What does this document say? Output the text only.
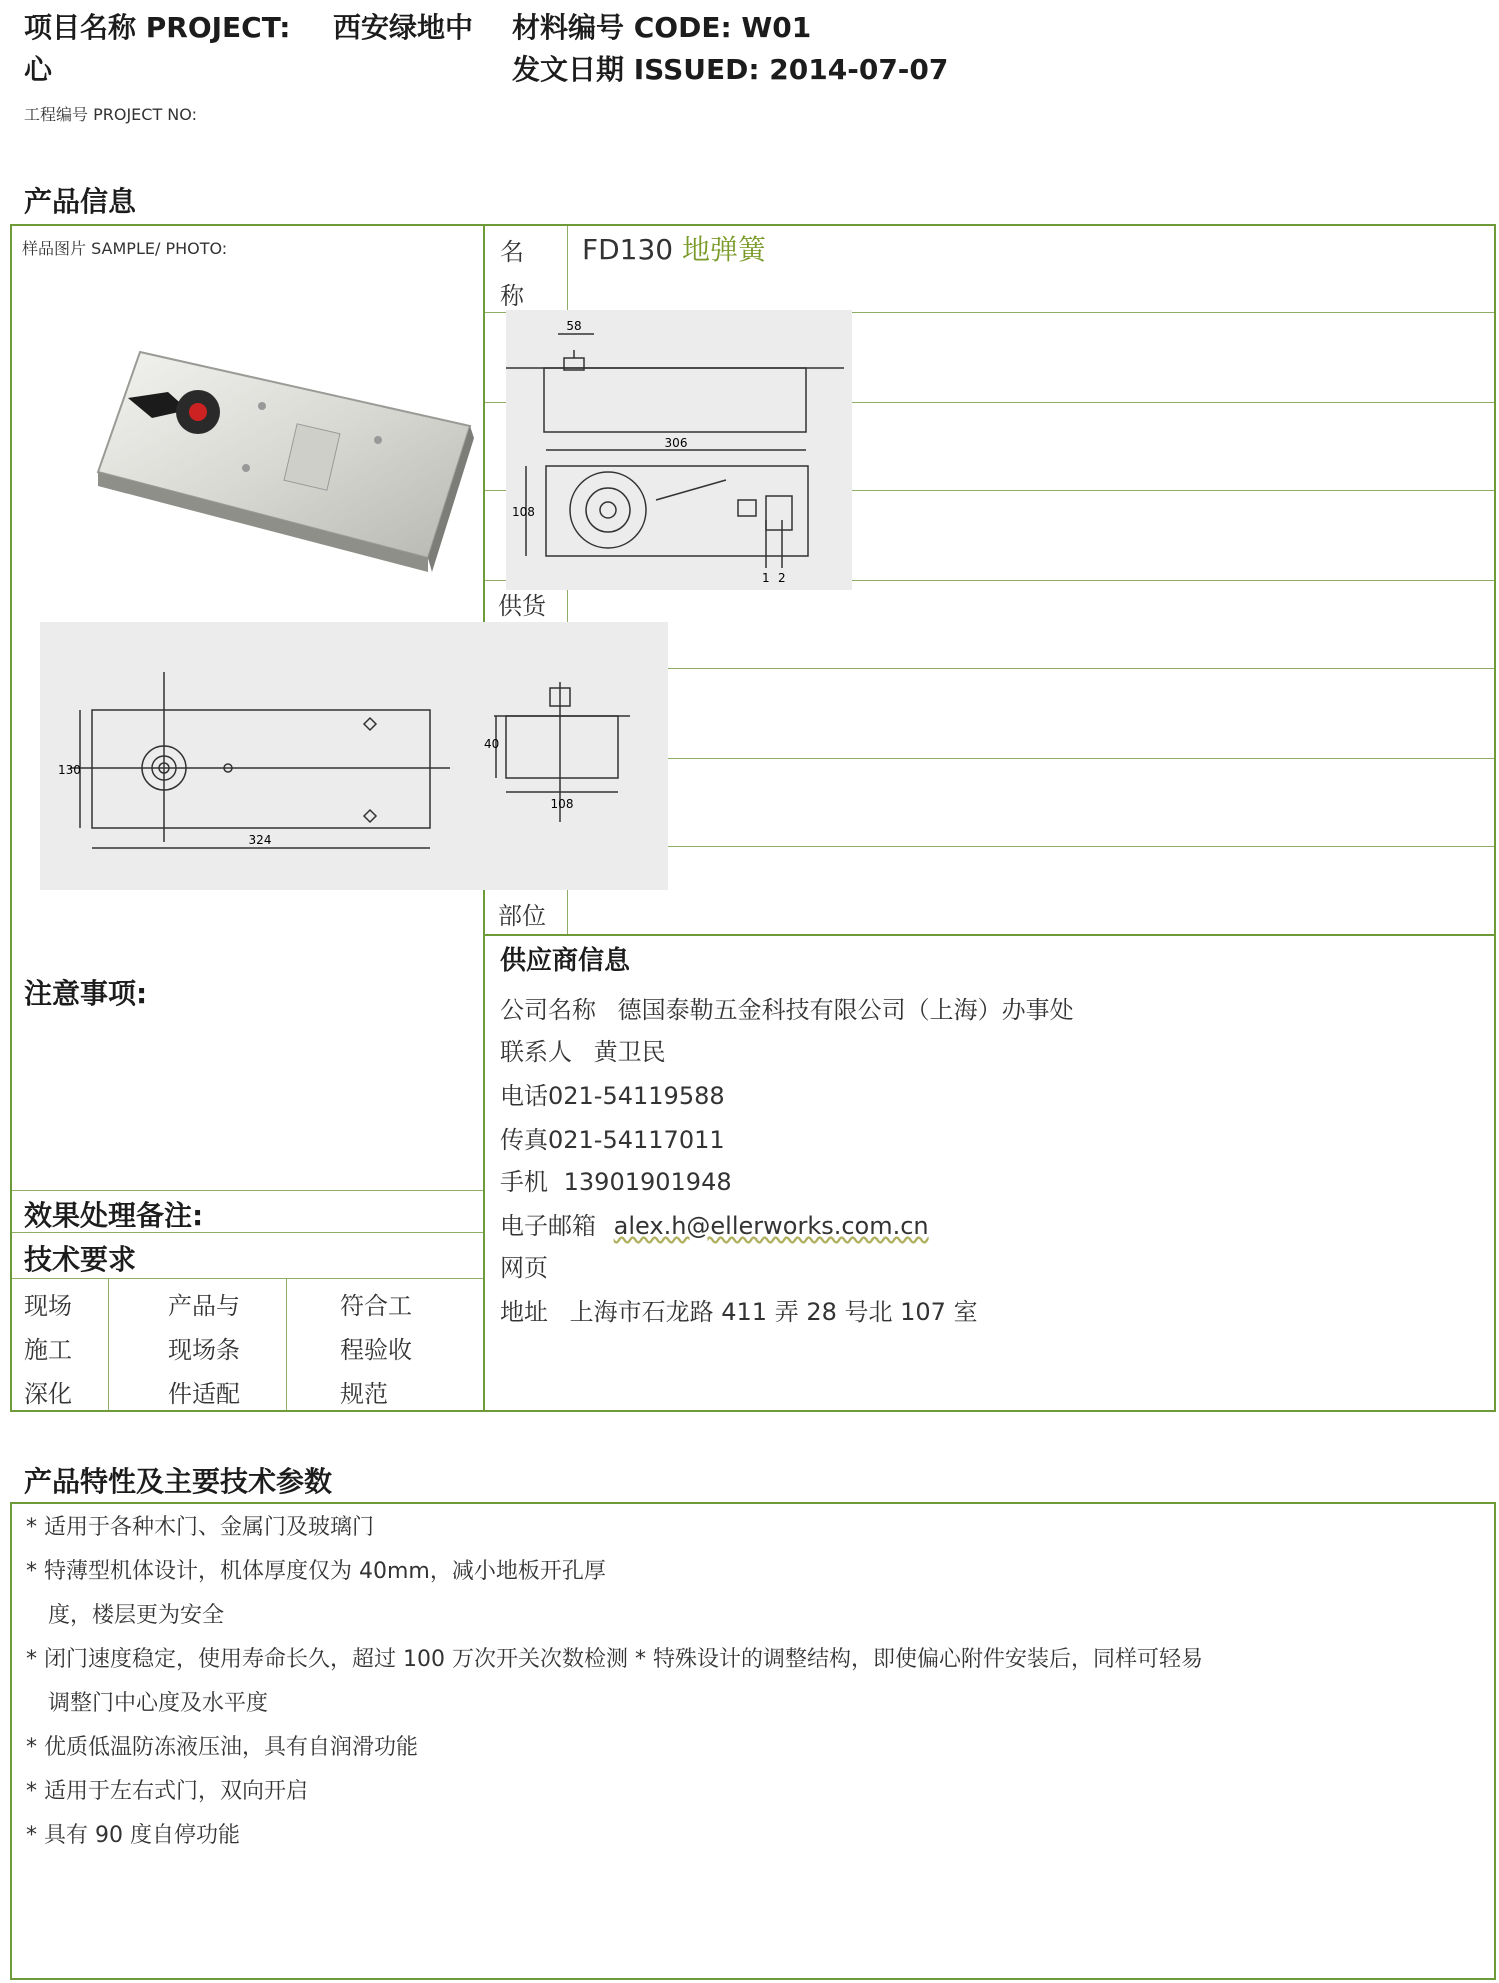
项目名称 PROJECT: 西安绿地中
心
材料编号 CODE: W01
发文日期 ISSUED: 2014-07-07
工程编号 PROJECT NO:
产品信息
样品图片 SAMPLE/ PHOTO:	名
称
FD130 地弹簧
供货
部位
58
306
108
1 2
130
324
40
108
注意事项:
效果处理备注:
技术要求
现场
施工
深化
产品与
现场条
件适配
符合工
程验收
规范
供应商信息
公司名称 德国泰勒五金科技有限公司（上海）办事处
联系人 黄卫民
电话021-54119588
传真021-54117011
手机 13901901948
电子邮箱 alex.h@ellerworks.com.cn
网页
地址 上海市石龙路 411 弄 28 号北 107 室
产品特性及主要技术参数
* 适用于各种木门、金属门及玻璃门
* 特薄型机体设计，机体厚度仅为 40mm，减小地板开孔厚
度，楼层更为安全
* 闭门速度稳定，使用寿命长久，超过 100 万次开关次数检测 * 特殊设计的调整结构，即使偏心附件安装后，同样可轻易
调整门中心度及水平度
* 优质低温防冻液压油，具有自润滑功能
* 适用于左右式门，双向开启
* 具有 90 度自停功能
